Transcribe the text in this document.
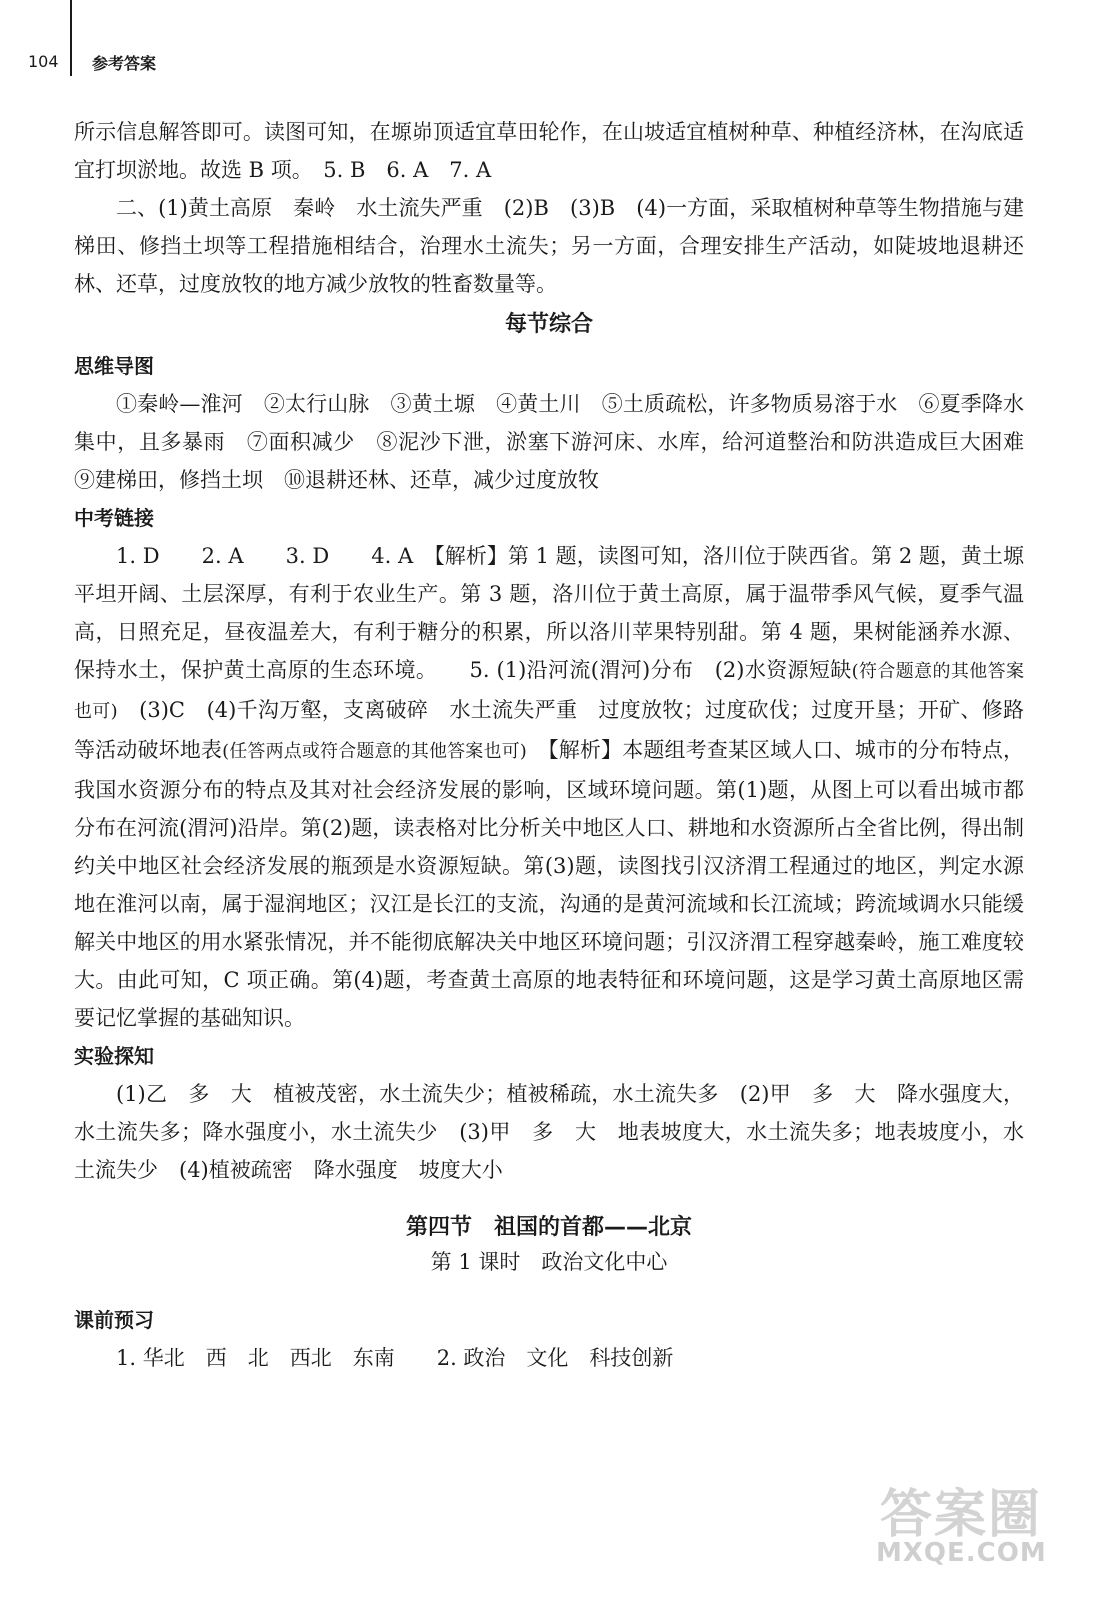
104 参考答案

所示信息解答即可。读图可知，在塬峁顶适宜草田轮作，在山坡适宜植树种草、种植经济林，在沟底适宜打坝淤地。故选 B 项。　5. B　6. A　7. A

二、(1)黄土高原　秦岭　水土流失严重　(2)B　(3)B　(4)一方面，采取植树种草等生物措施与建梯田、修挡土坝等工程措施相结合，治理水土流失；另一方面，合理安排生产活动，如陡坡地退耕还林、还草，过度放牧的地方减少放牧的牲畜数量等。

每节综合
思维导图

①秦岭—淮河　②太行山脉　③黄土塬　④黄土川　⑤土质疏松，许多物质易溶于水　⑥夏季降水集中，且多暴雨　⑦面积减少　⑧泥沙下泄，淤塞下游河床、水库，给河道整治和防洪造成巨大困难　⑨建梯田，修挡土坝　⑩退耕还林、还草，减少过度放牧

中考链接

1. D　　2. A　　3. D　　4. A　【解析】第 1 题，读图可知，洛川位于陕西省。第 2 题，黄土塬平坦开阔、土层深厚，有利于农业生产。第 3 题，洛川位于黄土高原，属于温带季风气候，夏季气温高，日照充足，昼夜温差大，有利于糖分的积累，所以洛川苹果特别甜。第 4 题，果树能涵养水源、保持水土，保护黄土高原的生态环境。　　5. (1)沿河流(渭河)分布　(2)水资源短缺(符合题意的其他答案也可)　(3)C　(4)千沟万壑，支离破碎　水土流失严重　过度放牧；过度砍伐；过度开垦；开矿、修路等活动破坏地表(任答两点或符合题意的其他答案也可)　【解析】本题组考查某区域人口、城市的分布特点，我国水资源分布的特点及其对社会经济发展的影响，区域环境问题。第(1)题，从图上可以看出城市都分布在河流(渭河)沿岸。第(2)题，读表格对比分析关中地区人口、耕地和水资源所占全省比例，得出制约关中地区社会经济发展的瓶颈是水资源短缺。第(3)题，读图找引汉济渭工程通过的地区，判定水源地在淮河以南，属于湿润地区；汉江是长江的支流，沟通的是黄河流域和长江流域；跨流域调水只能缓解关中地区的用水紧张情况，并不能彻底解决关中地区环境问题；引汉济渭工程穿越秦岭，施工难度较大。由此可知，C 项正确。第(4)题，考查黄土高原的地表特征和环境问题，这是学习黄土高原地区需要记忆掌握的基础知识。

实验探知

(1)乙　多　大　植被茂密，水土流失少；植被稀疏，水土流失多　(2)甲　多　大　降水强度大，水土流失多；降水强度小，水土流失少　(3)甲　多　大　地表坡度大，水土流失多；地表坡度小，水土流失少　(4)植被疏密　降水强度　坡度大小

第四节　祖国的首都——北京
第 1 课时　政治文化中心
课前预习

1. 华北　西　北　西北　东南　　2. 政治　文化　科技创新

答案圈
MXQE.COM
